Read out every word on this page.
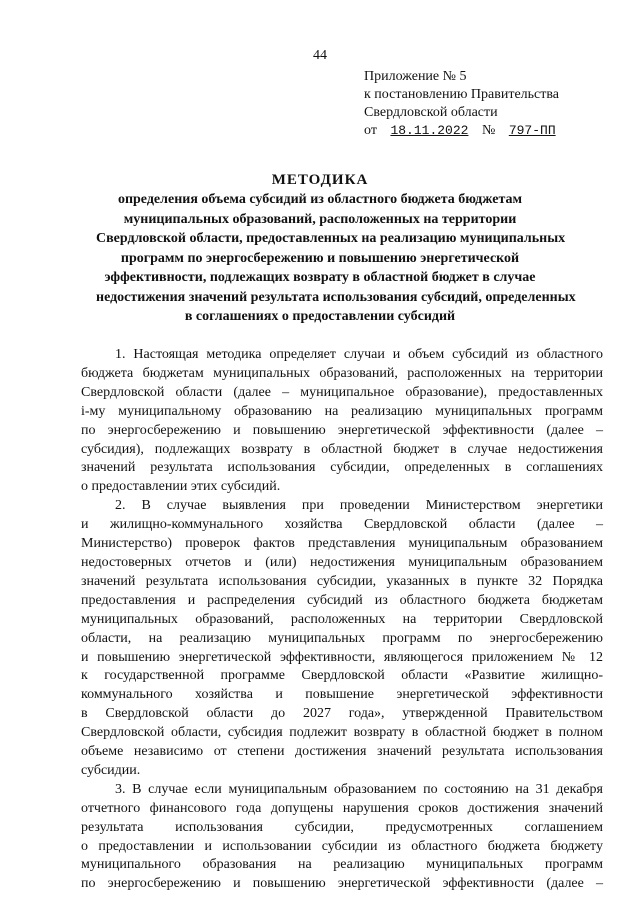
44
Приложение № 5
к постановлению Правительства
Свердловской области
от 18.11.2022 № 797-ПП
МЕТОДИКА
определения объема субсидий из областного бюджета бюджетам
муниципальных образований, расположенных на территории
Свердловской области, предоставленных на реализацию муниципальных
программ по энергосбережению и повышению энергетической
эффективности, подлежащих возврату в областной бюджет в случае
недостижения значений результата использования субсидий, определенных
в соглашениях о предоставлении субсидий
1. Настоящая методика определяет случаи и объем субсидий из областного
бюджета бюджетам муниципальных образований, расположенных на территории
Свердловской области (далее – муниципальное образование), предоставленных
i-му муниципальному образованию на реализацию муниципальных программ
по энергосбережению и повышению энергетической эффективности (далее –
субсидия), подлежащих возврату в областной бюджет в случае недостижения
значений результата использования субсидии, определенных в соглашениях
о предоставлении этих субсидий.
2. В случае выявления при проведении Министерством энергетики
и жилищно-коммунального хозяйства Свердловской области (далее –
Министерство) проверок фактов представления муниципальным образованием
недостоверных отчетов и (или) недостижения муниципальным образованием
значений результата использования субсидии, указанных в пункте 32 Порядка
предоставления и распределения субсидий из областного бюджета бюджетам
муниципальных образований, расположенных на территории Свердловской
области, на реализацию муниципальных программ по энергосбережению
и повышению энергетической эффективности, являющегося приложением № 12
к государственной программе Свердловской области «Развитие жилищно-
коммунального хозяйства и повышение энергетической эффективности
в Свердловской области до 2027 года», утвержденной Правительством
Свердловской области, субсидия подлежит возврату в областной бюджет в полном
объеме независимо от степени достижения значений результата использования
субсидии.
3. В случае если муниципальным образованием по состоянию на 31 декабря
отчетного финансового года допущены нарушения сроков достижения значений
результата использования субсидии, предусмотренных соглашением
о предоставлении и использовании субсидии из областного бюджета бюджету
муниципального образования на реализацию муниципальных программ
по энергосбережению и повышению энергетической эффективности (далее –
